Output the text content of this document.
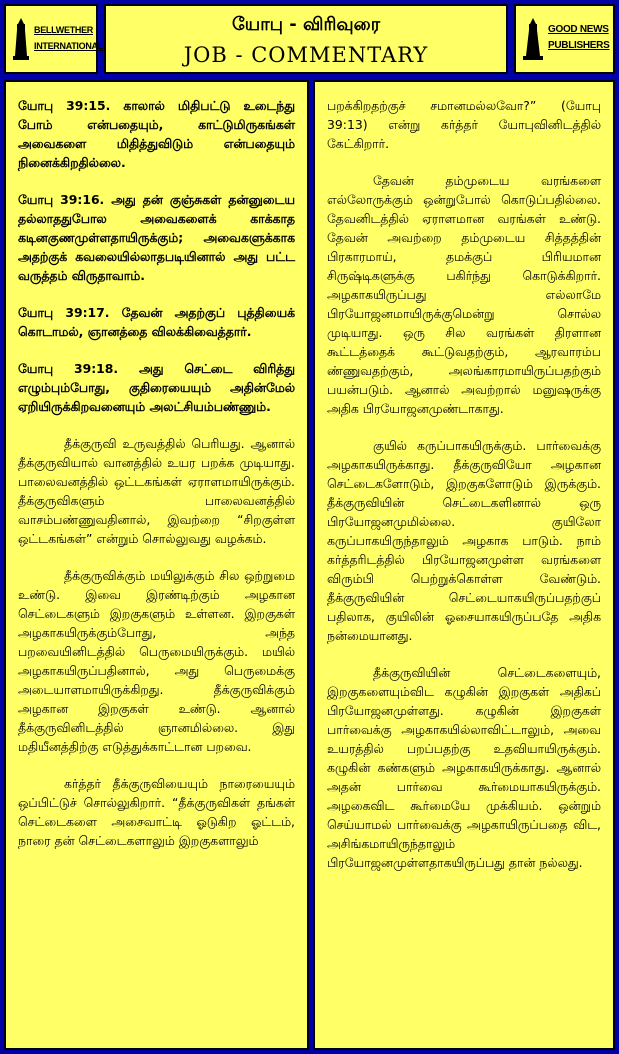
BELLWETHER
INTERNATIONAL
யோபு - விரிவுரை
JOB - COMMENTARY
GOOD NEWS
PUBLISHERS

யோபு 39:15. காலால் மிதிபட்டு உடைந்து போம் என்பதையும், காட்டுமிருகங்கள் அவைகளை மிதித்துவிடும் என்பதையும் நினைக்கிறதில்லை.

யோபு 39:16. அது தன் குஞ்சுகள் தன்னுடைய தல்லாததுபோல அவைகளைக் காக்காத கடினகுணமுள்ளதாயிருக்கும்; அவைகளுக்காக அதற்குக் கவலையில்லாதபடியினால் அது பட்ட வருத்தம் விருதாவாம்.

யோபு 39:17. தேவன் அதற்குப் புத்தியைக் கொடாமல், ஞானத்தை விலக்கிவைத்தார்.

யோபு 39:18. அது செட்டை விரித்து எழும்பும்போது, குதிரையையும் அதின்மேல் ஏறியிருக்கிறவனையும் அலட்சியம்பண்ணும்.

தீக்குருவி உருவத்தில் பெரியது. ஆனால் தீக்குருவியால் வானத்தில் உயர பறக்க முடியாது. பாலைவனத்தில் ஒட்டகங்கள் ஏராளமாயிருக்கும். தீக்குருவிகளும் பாலைவனத்தில் வாசம்பண்ணுவதினால், இவற்றை “சிறகுள்ள ஒட்டகங்கள்” என்றும் சொல்லுவது வழக்கம்.

தீக்குருவிக்கும் மயிலுக்கும் சில ஒற்றுமை உண்டு. இவை இரண்டிற்கும் அழகான செட்டைகளும் இறகுகளும் உள்ளன. இறகுகள் அழகாகயிருக்கும்போது, அந்த பறவையினிடத்தில் பெருமையிருக்கும். மயில் அழகாகயிருப்பதினால், அது பெருமைக்கு அடையாளமாயிருக்கிறது. தீக்குருவிக்கும் அழகான இறகுகள் உண்டு. ஆனால் தீக்குருவினிடத்தில் ஞானமில்லை. இது மதியீனத்திற்கு எடுத்துக்காட்டான பறவை.

கர்த்தர் தீக்குருவியையும் நாரையையும் ஒப்பிட்டுச் சொல்லுகிறார். “தீக்குருவிகள் தங்கள் செட்டைகளை அசைவாட்டி ஓடுகிற ஓட்டம், நாரை தன் செட்டைகளாலும் இறகுகளாலும்

பறக்கிறதற்குச் சமானமல்லவோ?” (யோபு 39:13) என்று கர்த்தர் யோபுவினிடத்தில் கேட்கிறார்.

தேவன் தம்முடைய வரங்களை எல்லோருக்கும் ஒன்றுபோல் கொடுப்பதில்லை. தேவனிடத்தில் ஏராளமான வரங்கள் உண்டு. தேவன் அவற்றை தம்முடைய சித்தத்தின் பிரகாரமாய், தமக்குப் பிரியமான சிருஷ்டிகளுக்கு பகிர்ந்து கொடுக்கிறார். அழகாகயிருப்பது எல்லாமே பிரயோஜனமாயிருக்குமென்று சொல்ல முடியாது. ஒரு சில வரங்கள் திரளான கூட்டத்தைக் கூட்டுவதற்கும், ஆரவாரம்ப ண்ணுவதற்கும், அலங்காரமாயிருப்பதற்கும் பயன்படும். ஆனால் அவற்றால் மனுஷருக்கு அதிக பிரயோஜனமுண்டாகாது.

குயில் கருப்பாகயிருக்கும். பார்வைக்கு அழகாகயிருக்காது. தீக்குருவியோ அழகான செட்டைகளோடும், இறகுகளோடும் இருக்கும். தீக்குருவியின் செட்டைகளினால் ஒரு பிரயோஜனமுமில்லை. குயிலோ கருப்பாகயிருந்தாலும் அழகாக பாடும். நாம் கர்த்தரிடத்தில் பிரயோஜனமுள்ள வரங்களை விரும்பி பெற்றுக்கொள்ள வேண்டும். தீக்குருவியின் செட்டையாகயிருப்பதற்குப் பதிலாக, குயிலின் ஓசையாகயிருப்பதே அதிக நன்மையானது.

தீக்குருவியின் செட்டைகளையும், இறகுகளையும்விட கழுகின் இறகுகள் அதிகப் பிரயோஜனமுள்ளது. கழுகின் இறகுகள் பார்வைக்கு அழகாகயில்லாவிட்டாலும், அவை உயரத்தில் பறப்பதற்கு உதவியாயிருக்கும். கழுகின் கண்களும் அழகாகயிருக்காது. ஆனால் அதன் பார்வை கூர்மையாகயிருக்கும். அழகைவிட கூர்மையே முக்கியம். ஒன்றும் செய்யாமல் பார்வைக்கு அழகாயிருப்பதை விட, அசிங்கமாயிருந்தாலும் பிரயோஜனமுள்ளதாகயிருப்பது தான் நல்லது.
